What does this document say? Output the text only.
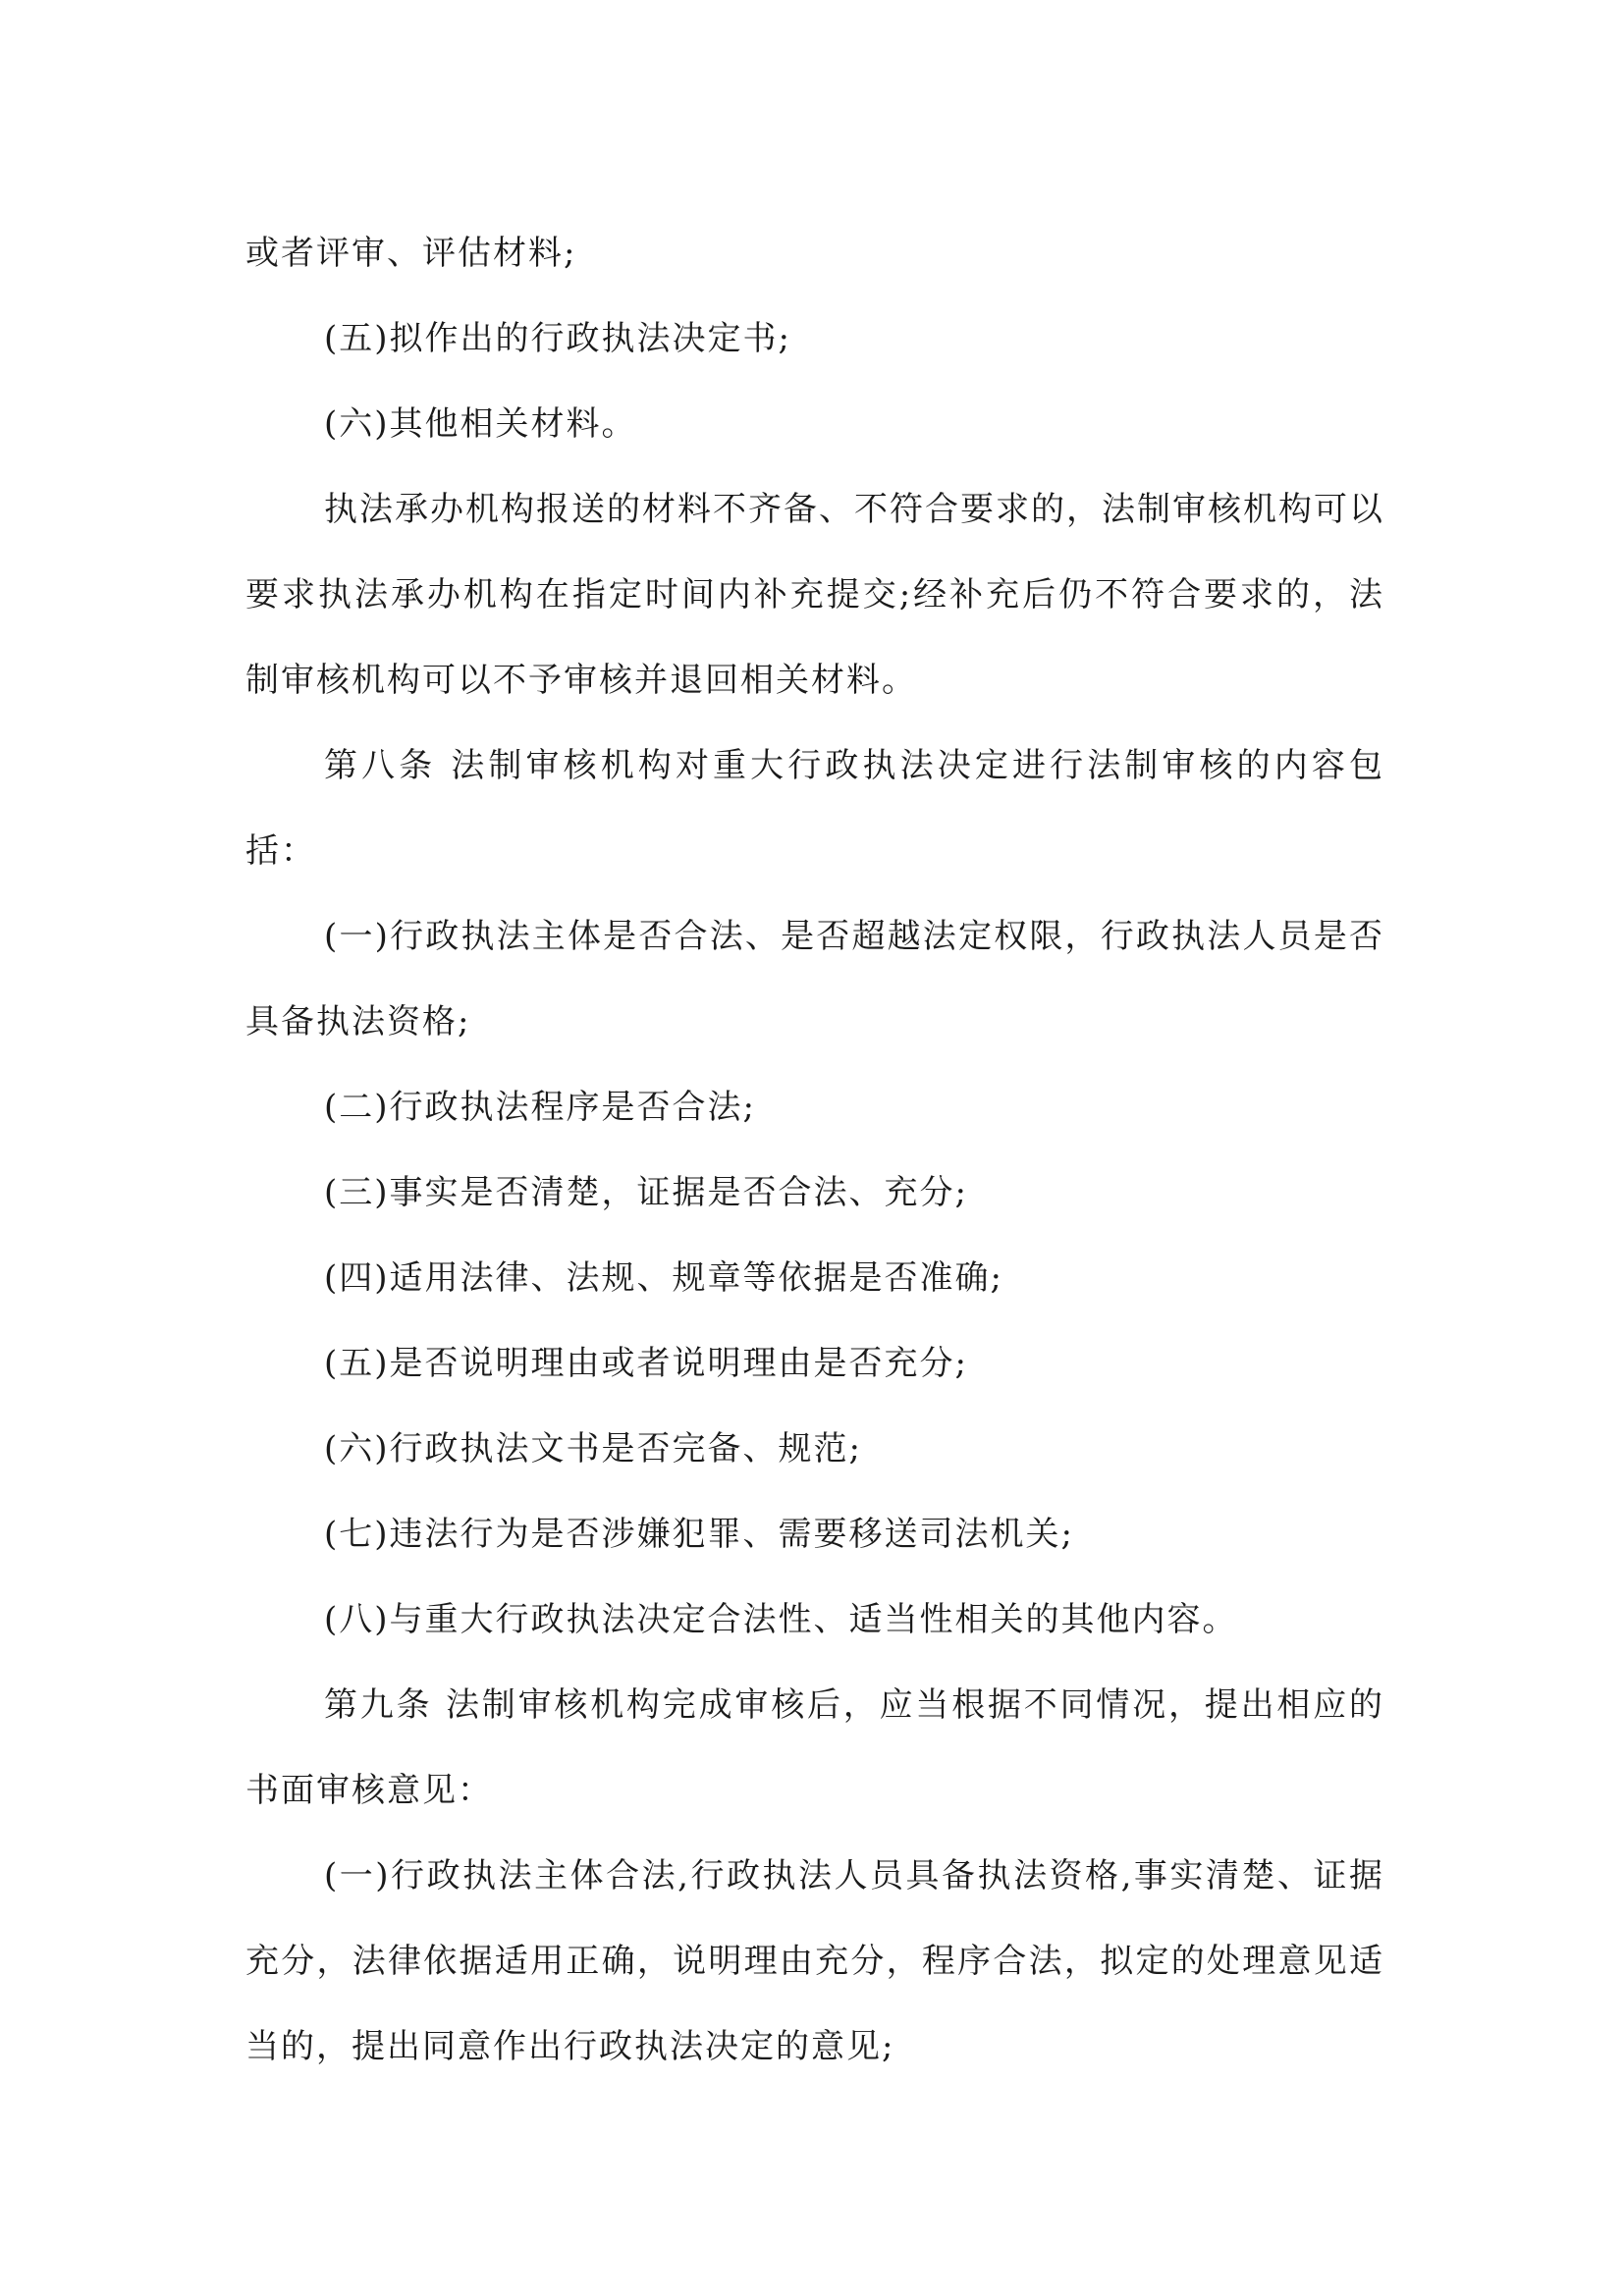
或者评审、评估材料;

(五)拟作出的行政执法决定书;

(六)其他相关材料。

执法承办机构报送的材料不齐备、不符合要求的，法制审核机构可以要求执法承办机构在指定时间内补充提交;经补充后仍不符合要求的，法制审核机构可以不予审核并退回相关材料。

第八条 法制审核机构对重大行政执法决定进行法制审核的内容包括：

(一)行政执法主体是否合法、是否超越法定权限，行政执法人员是否具备执法资格;

(二)行政执法程序是否合法;

(三)事实是否清楚，证据是否合法、充分;

(四)适用法律、法规、规章等依据是否准确;

(五)是否说明理由或者说明理由是否充分;

(六)行政执法文书是否完备、规范;

(七)违法行为是否涉嫌犯罪、需要移送司法机关;

(八)与重大行政执法决定合法性、适当性相关的其他内容。

第九条 法制审核机构完成审核后，应当根据不同情况，提出相应的书面审核意见：

(一)行政执法主体合法,行政执法人员具备执法资格,事实清楚、证据充分，法律依据适用正确，说明理由充分，程序合法，拟定的处理意见适当的，提出同意作出行政执法决定的意见;
